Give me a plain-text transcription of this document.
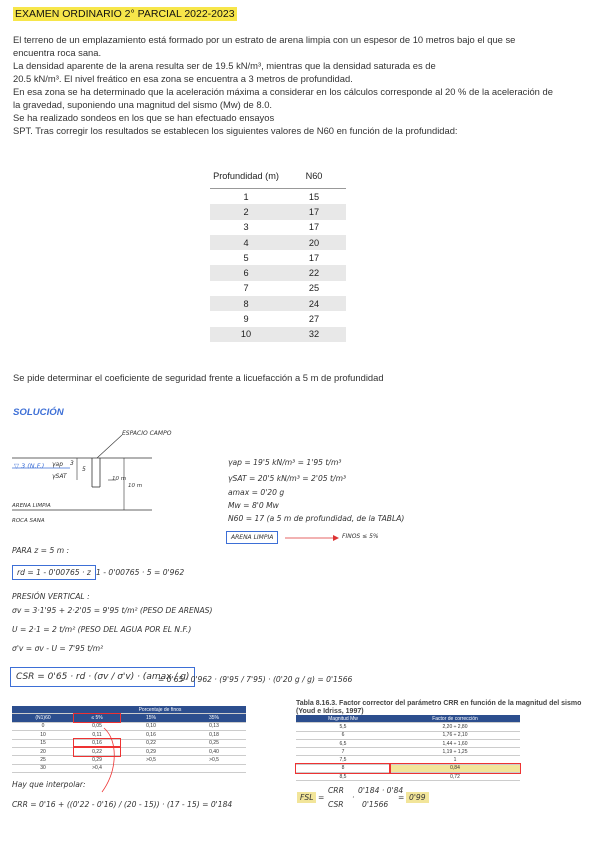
EXAMEN ORDINARIO 2° PARCIAL 2022-2023
El terreno de un emplazamiento está formado por un estrato de arena limpia con un espesor de 10 metros bajo el que se
encuentra roca sana.
La densidad aparente de la arena resulta ser de 19.5 kN/m³, mientras que la densidad saturada es de
20.5 kN/m³. El nivel freático en esa zona se encuentra a 3 metros de profundidad.
En esa zona se ha determinado que la aceleración máxima a considerar en los cálculos corresponde al 20 % de la aceleración de
la gravedad, suponiendo una magnitud del sismo (Mw) de 8.0.
Se ha realizado sondeos en los que se han efectuado ensayos
SPT. Tras corregir los resultados se establecen los siguientes valores de N60 en función de la profundidad:
Profundidad (m)	N60
1	15
2	17
3	17
4	20
5	17
6	22
7	25
8	24
9	27
10	32
Se pide determinar el coeficiente de seguridad frente a licuefacción a 5 m de profundidad
SOLUCIÓN
ESPACIO CAMPO
▽ 3 (N.F.) γap
γSAT
3
5
10 m
10 m
ARENA LIMPIA
ROCA SANA
γap = 19'5 kN/m³ = 1'95 t/m³
γSAT = 20'5 kN/m³ = 2'05 t/m³
amax = 0'20 g
Mw = 8'0 Mw
N60 = 17 (a 5 m de profundidad, de la TABLA)
ARENA LIMPIA	FINOS ≤ 5%
PARA z = 5 m :
rd = 1 - 0'00765 · z 1 - 0'00765 · 5 = 0'962
PRESIÓN VERTICAL :
σv = 3·1'95 + 2·2'05 = 9'95 t/m² (PESO DE ARENAS)
U = 2·1 = 2 t/m² (PESO DEL AGUA POR EL N.F.)
σ'v = σv - U = 7'95 t/m²
CSR = 0'65 · rd · (σv / σ'v) · (amax / g)
= 0'65 · 0'962 · (9'95 / 7'95) · (0'20 g / g) = 0'1566
	Porcentaje de finos		
(N1)60	≤ 5%	15%	35%
0	0,05	0,10	0,13
10	0,11	0,16	0,18
15	0,16	0,22	0,25
20	0,22	0,29	0,40
25	0,29	>0,5	>0,5
30	>0,4		
Hay que interpolar:
CRR = 0'16 + ((0'22 - 0'16) / (20 - 15)) · (17 - 15) = 0'184
Tabla 8.16.3. Factor corrector del parámetro CRR en función de la magnitud del sismo
(Youd e Idriss, 1997)
Magnitud Mw	Factor de corrección
5,5	2,20 ÷ 2,80
6	1,76 ÷ 2,10
6,5	1,44 ÷ 1,60
7	1,19 ÷ 1,25
7,5	1
8	0,84
8,5	0,72
FSL =
CRR
CSR
·
0'184 · 0'84
0'1566
= 0'99
